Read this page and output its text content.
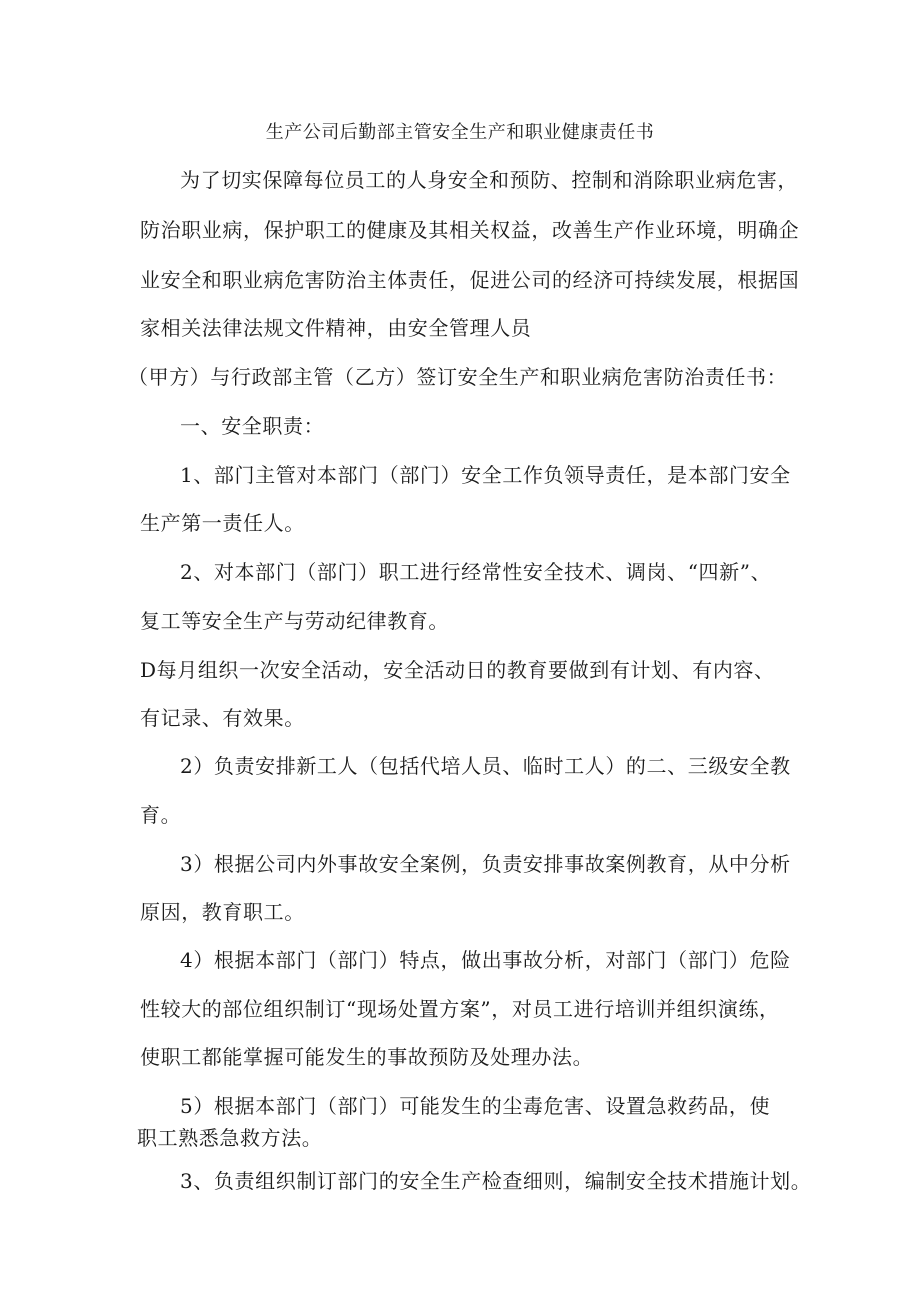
生产公司后勤部主管安全生产和职业健康责任书
为了切实保障每位员工的人身安全和预防、控制和消除职业病危害，
防治职业病，保护职工的健康及其相关权益，改善生产作业环境，明确企
业安全和职业病危害防治主体责任，促进公司的经济可持续发展，根据国
家相关法律法规文件精神，由安全管理人员
（甲方）与行政部主管（乙方）签订安全生产和职业病危害防治责任书：
一、安全职责：
1、部门主管对本部门（部门）安全工作负领导责任，是本部门安全
生产第一责任人。
2、对本部门（部门）职工进行经常性安全技术、调岗、“四新”、
复工等安全生产与劳动纪律教育。
D每月组织一次安全活动，安全活动日的教育要做到有计划、有内容、
有记录、有效果。
2）负责安排新工人（包括代培人员、临时工人）的二、三级安全教
育。
3）根据公司内外事故安全案例，负责安排事故案例教育，从中分析
原因，教育职工。
4）根据本部门（部门）特点，做出事故分析，对部门（部门）危险
性较大的部位组织制订“现场处置方案”，对员工进行培训并组织演练，
使职工都能掌握可能发生的事故预防及处理办法。
5）根据本部门（部门）可能发生的尘毒危害、设置急救药品，使
职工熟悉急救方法。
3、负责组织制订部门的安全生产检查细则，编制安全技术措施计划。
